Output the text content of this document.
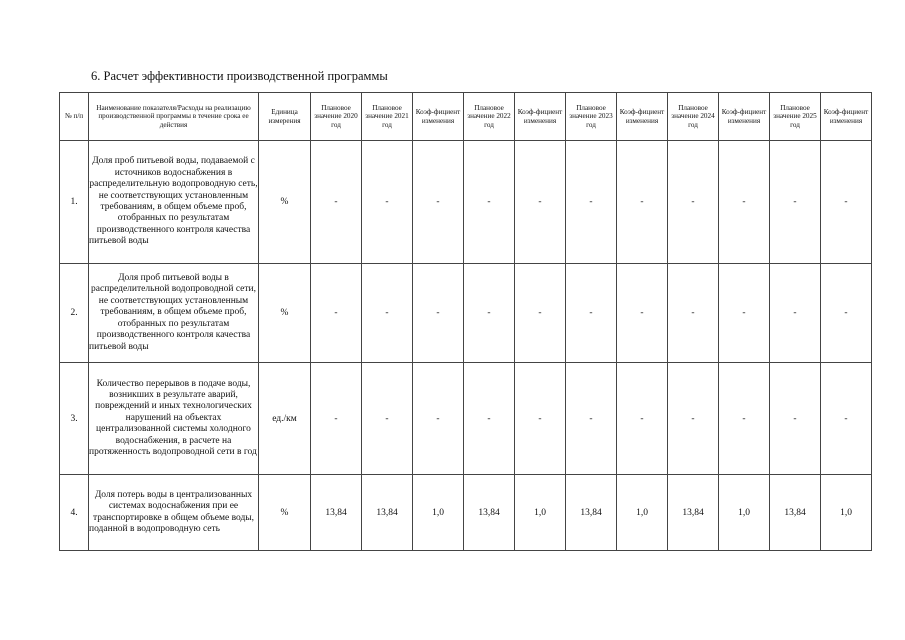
6. Расчет эффективности производственной программы
№ п/п	Наименование показателя/Расходы на реализацию производственной программы в течение срока ее действия	Единица измерения	Плановое значение 2020 год	Плановое значение 2021 год	Коэф-фициент изменения	Плановое значение 2022 год	Коэф-фициент изменения	Плановое значение 2023 год	Коэф-фициент изменения	Плановое значение 2024 год	Коэф-фициент изменения	Плановое значение 2025 год	Коэф-фициент изменения
1.	Доля проб питьевой воды, подаваемой с источников водоснабжения в распределительную водопроводную сеть, не соответствующих установленным требованиям, в общем объеме проб, отобранных по результатам производственного контроля качества питьевой воды	%	-	-	-	-	-	-	-	-	-	-	-
2.	Доля проб питьевой воды в распределительной водопроводной сети, не соответствующих установленным требованиям, в общем объеме проб, отобранных по результатам производственного контроля качества питьевой воды	%	-	-	-	-	-	-	-	-	-	-	-
3.	Количество перерывов в подаче воды, возникших в результате аварий, повреждений и иных технологических нарушений на объектах централизованной системы холодного водоснабжения, в расчете на протяженность водопроводной сети в год	ед./км	-	-	-	-	-	-	-	-	-	-	-
4.	Доля потерь воды в централизованных системах водоснабжения при ее транспортировке в общем объеме воды, поданной в водопроводную сеть	%	13,84	13,84	1,0	13,84	1,0	13,84	1,0	13,84	1,0	13,84	1,0
